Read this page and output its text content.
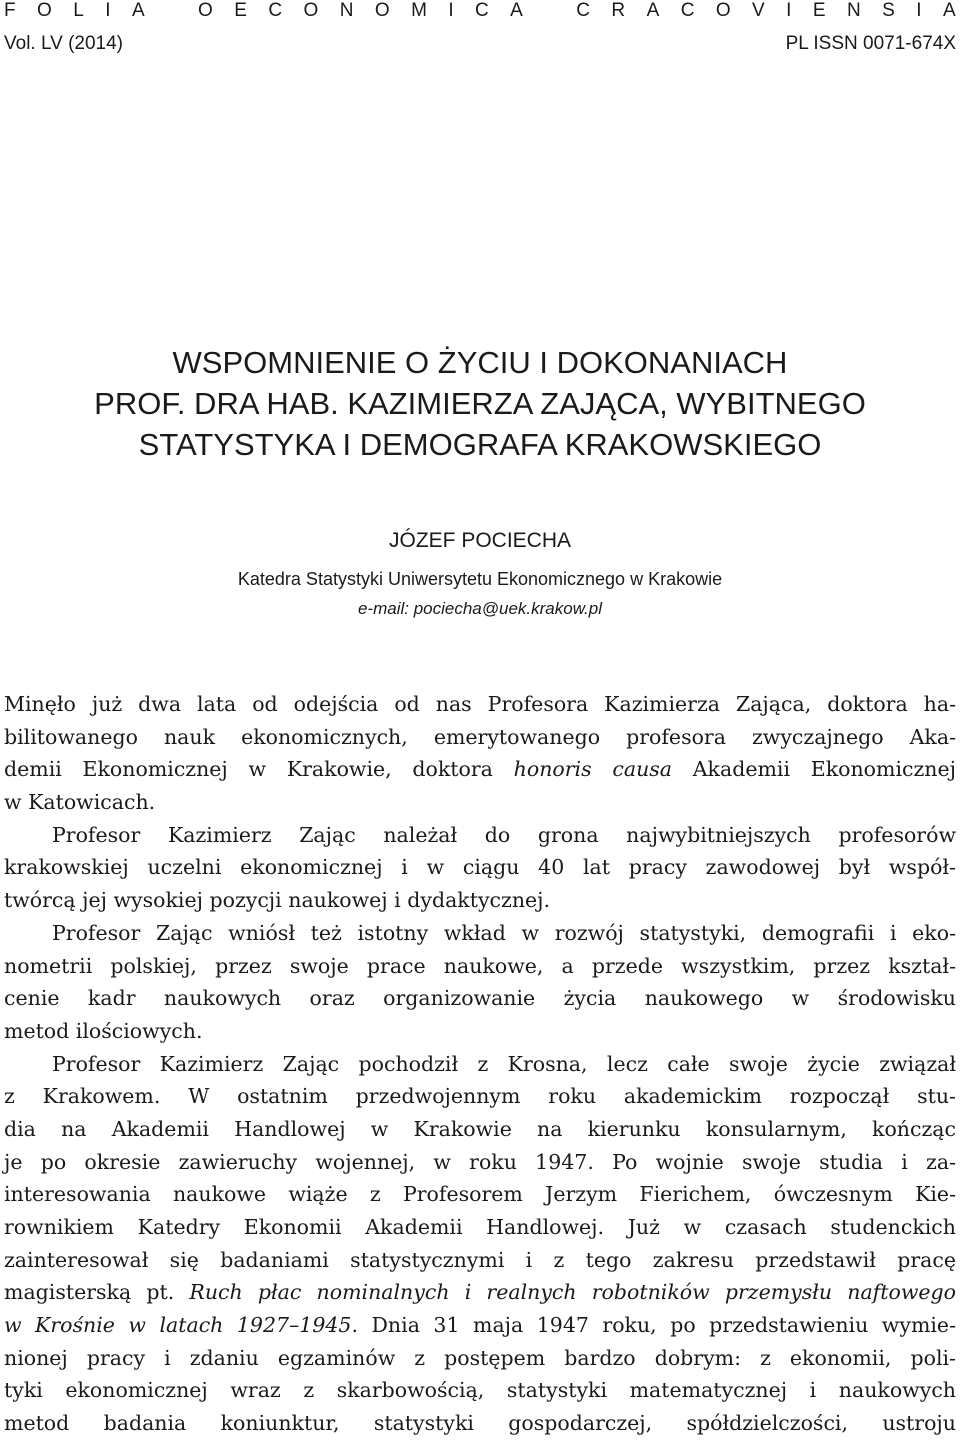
F O L I A
	O E C O N O M I C A
	C R A C O V I E N S I A
Vol. LV (2014)	PL ISSN 0071-674X
WSPOMNIENIE O ŻYCIU I DOKONANIACH
PROF. DRA HAB. KAZIMIERZA ZAJĄCA, WYBITNEGO
STATYSTYKA I DEMOGRAFA KRAKOWSKIEGO
JÓZEF POCIECHA
Katedra Statystyki Uniwersytetu Ekonomicznego w Krakowie
e-mail: pociecha@uek.krakow.pl
Minęło już dwa lata od odejścia od nas Profesora Kazimierza Zająca, doktora ha-
bilitowanego nauk ekonomicznych, emerytowanego profesora zwyczajnego Aka-
demii Ekonomicznej w Krakowie, doktora honoris causa Akademii Ekonomicznej
w Katowicach.
Profesor Kazimierz Zając należał do grona najwybitniejszych profesorów
krakowskiej uczelni ekonomicznej i w ciągu 40 lat pracy zawodowej był współ-
twórcą jej wysokiej pozycji naukowej i dydaktycznej.
Profesor Zając wniósł też istotny wkład w rozwój statystyki, demografii i eko-
nometrii polskiej, przez swoje prace naukowe, a przede wszystkim, przez kształ-
cenie kadr naukowych oraz organizowanie życia naukowego w środowisku
metod ilościowych.
Profesor Kazimierz Zając pochodził z Krosna, lecz całe swoje życie związał
z Krakowem. W ostatnim przedwojennym roku akademickim rozpoczął stu-
dia na Akademii Handlowej w Krakowie na kierunku konsularnym, kończąc
je po okresie zawieruchy wojennej, w roku 1947. Po wojnie swoje studia i za-
interesowania naukowe wiąże z Profesorem Jerzym Fierichem, ówczesnym Kie-
rownikiem Katedry Ekonomii Akademii Handlowej. Już w czasach studenckich
zainteresował się badaniami statystycznymi i z tego zakresu przedstawił pracę
magisterską pt. Ruch płac nominalnych i realnych robotników przemysłu naftowego
w Krośnie w latach 1927–1945. Dnia 31 maja 1947 roku, po przedstawieniu wymie-
nionej pracy i zdaniu egzaminów z postępem bardzo dobrym: z ekonomii, poli-
tyki ekonomicznej wraz z skarbowością, statystyki matematycznej i naukowych
metod badania koniunktur, statystyki gospodarczej, spółdzielczości, ustroju
